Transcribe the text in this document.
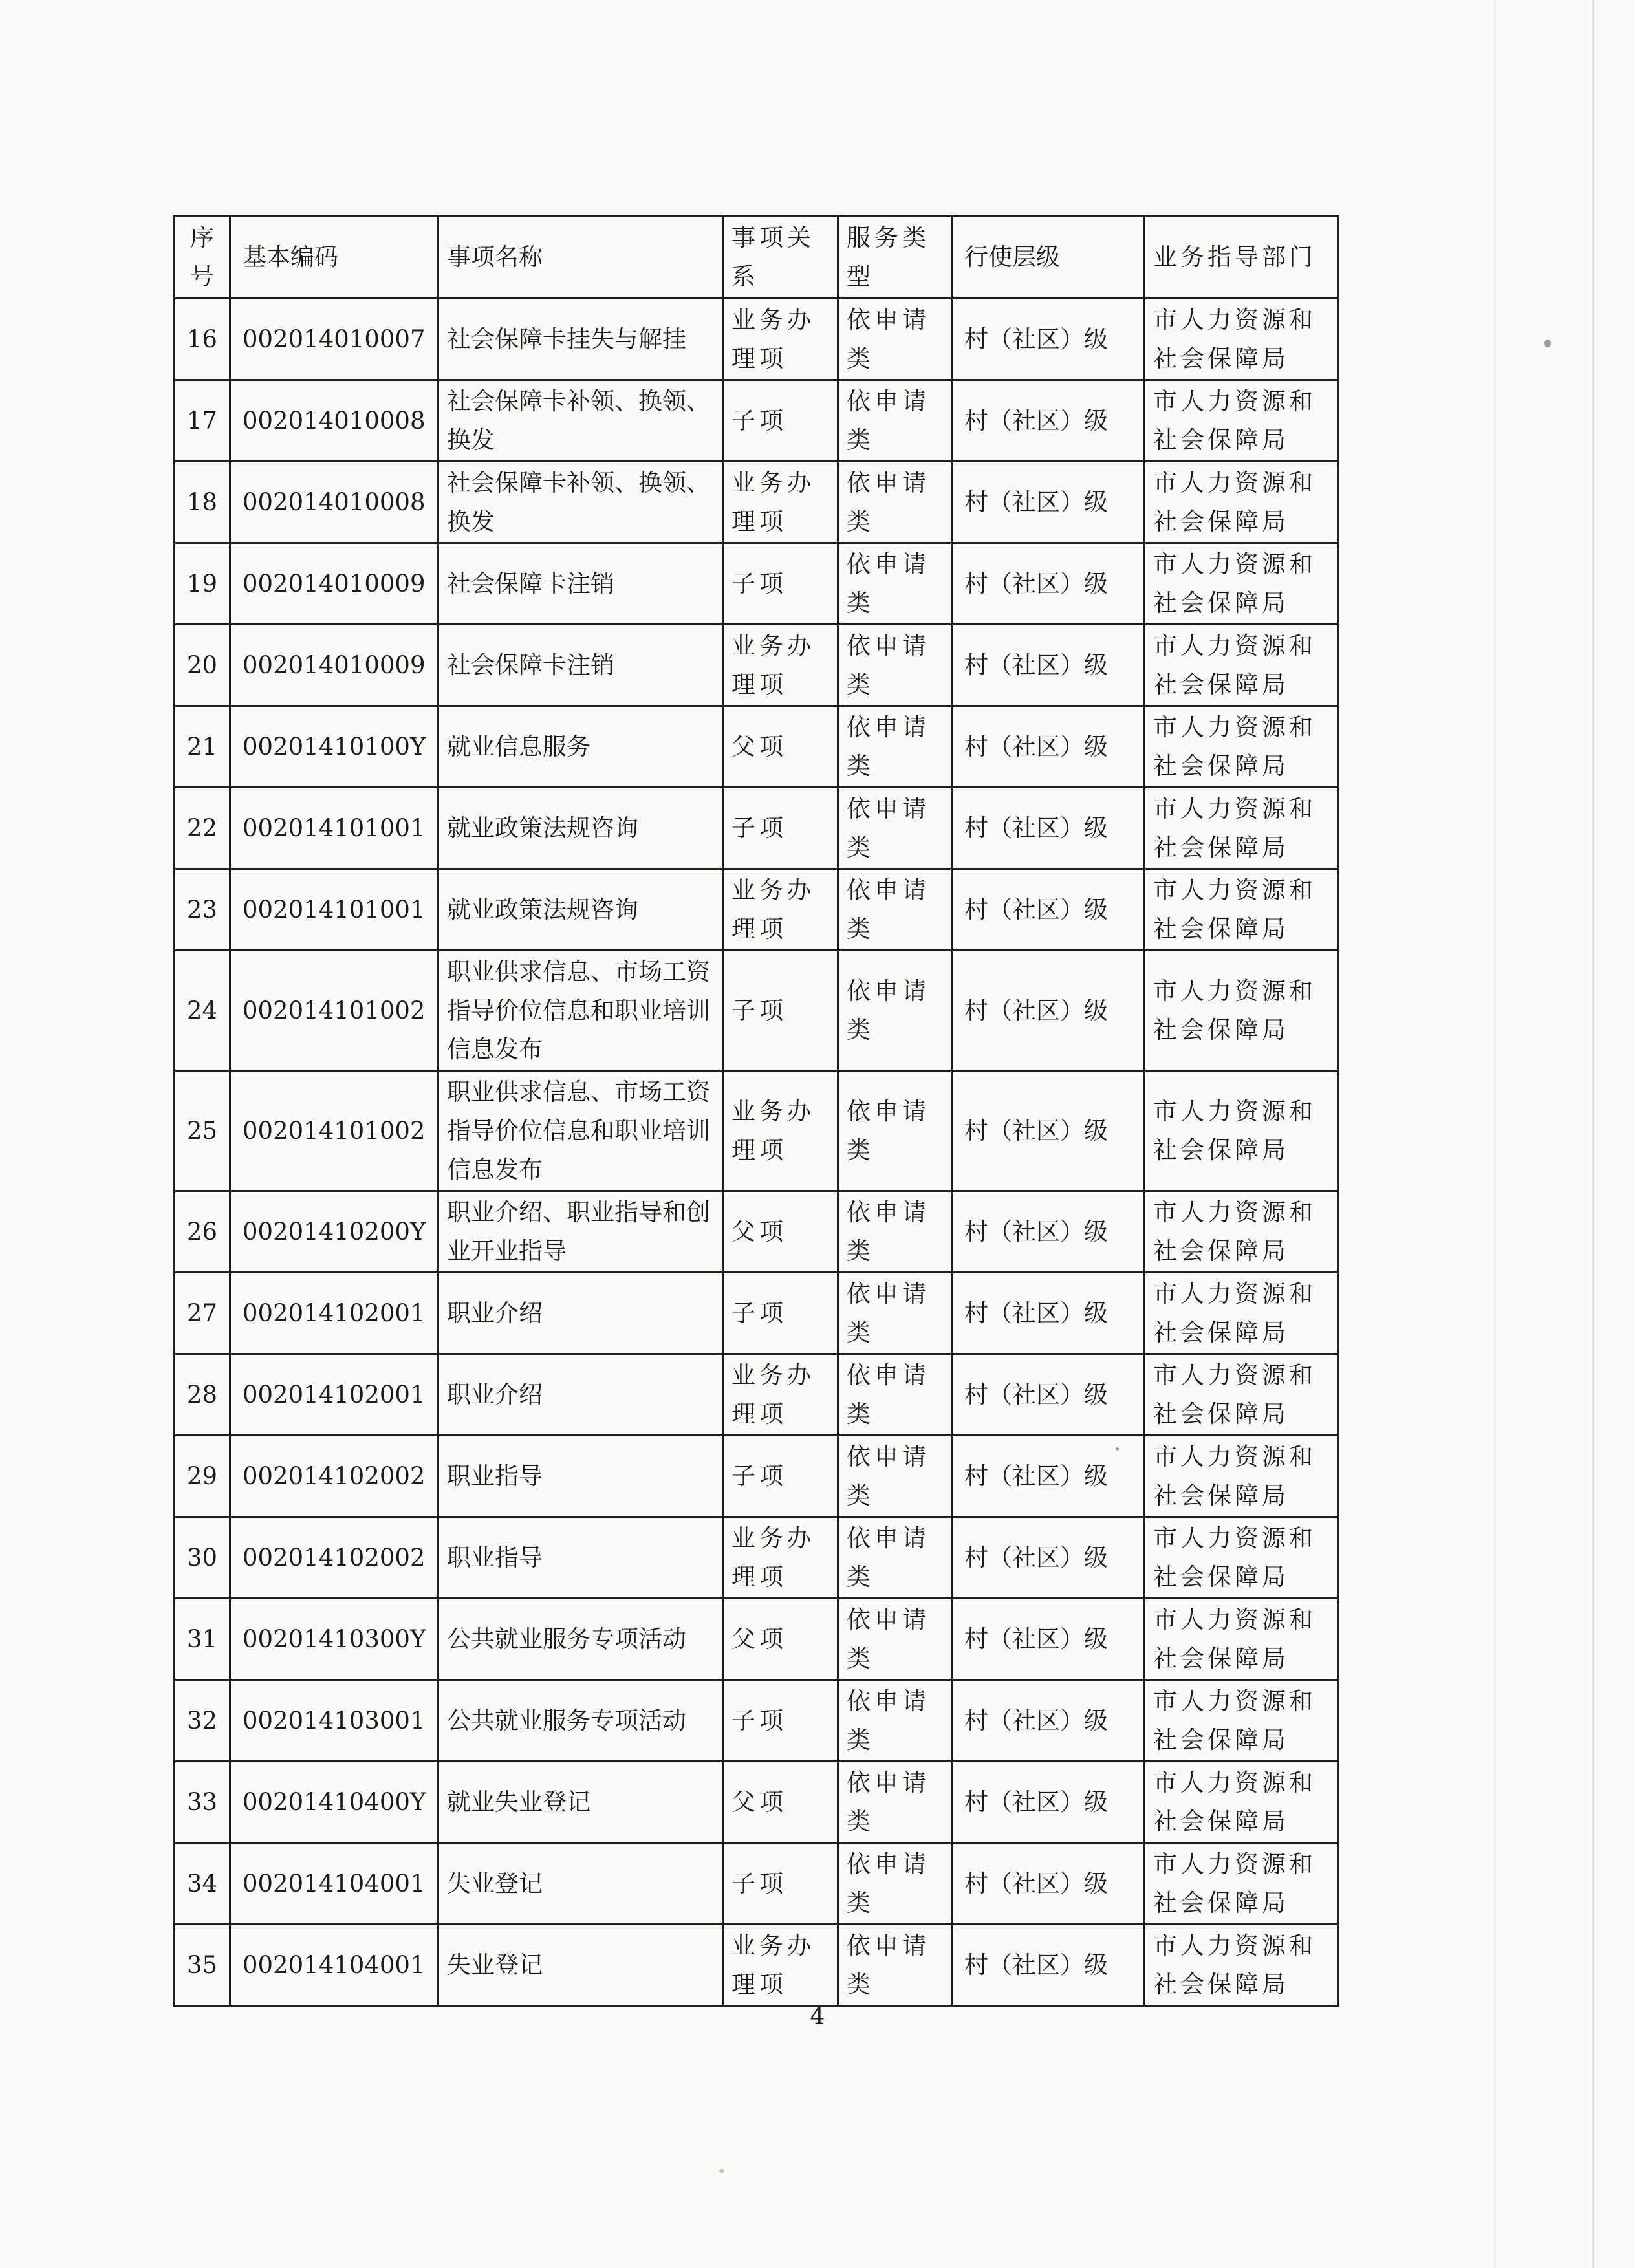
序号	基本编码	事项名称	事项关系	服务类型	行使层级	业务指导部门
16	002014010007	社会保障卡挂失与解挂	业务办理项	依申请类	村（社区）级	市人力资源和社会保障局
17	002014010008	社会保障卡补领、换领、换发	子项	依申请类	村（社区）级	市人力资源和社会保障局
18	002014010008	社会保障卡补领、换领、换发	业务办理项	依申请类	村（社区）级	市人力资源和社会保障局
19	002014010009	社会保障卡注销	子项	依申请类	村（社区）级	市人力资源和社会保障局
20	002014010009	社会保障卡注销	业务办理项	依申请类	村（社区）级	市人力资源和社会保障局
21	00201410100Y	就业信息服务	父项	依申请类	村（社区）级	市人力资源和社会保障局
22	002014101001	就业政策法规咨询	子项	依申请类	村（社区）级	市人力资源和社会保障局
23	002014101001	就业政策法规咨询	业务办理项	依申请类	村（社区）级	市人力资源和社会保障局
24	002014101002	职业供求信息、市场工资指导价位信息和职业培训信息发布	子项	依申请类	村（社区）级	市人力资源和社会保障局
25	002014101002	职业供求信息、市场工资指导价位信息和职业培训信息发布	业务办理项	依申请类	村（社区）级	市人力资源和社会保障局
26	00201410200Y	职业介绍、职业指导和创业开业指导	父项	依申请类	村（社区）级	市人力资源和社会保障局
27	002014102001	职业介绍	子项	依申请类	村（社区）级	市人力资源和社会保障局
28	002014102001	职业介绍	业务办理项	依申请类	村（社区）级	市人力资源和社会保障局
29	002014102002	职业指导	子项	依申请类	村（社区）级	市人力资源和社会保障局
30	002014102002	职业指导	业务办理项	依申请类	村（社区）级	市人力资源和社会保障局
31	00201410300Y	公共就业服务专项活动	父项	依申请类	村（社区）级	市人力资源和社会保障局
32	002014103001	公共就业服务专项活动	子项	依申请类	村（社区）级	市人力资源和社会保障局
33	00201410400Y	就业失业登记	父项	依申请类	村（社区）级	市人力资源和社会保障局
34	002014104001	失业登记	子项	依申请类	村（社区）级	市人力资源和社会保障局
35	002014104001	失业登记	业务办理项	依申请类	村（社区）级	市人力资源和社会保障局
4
